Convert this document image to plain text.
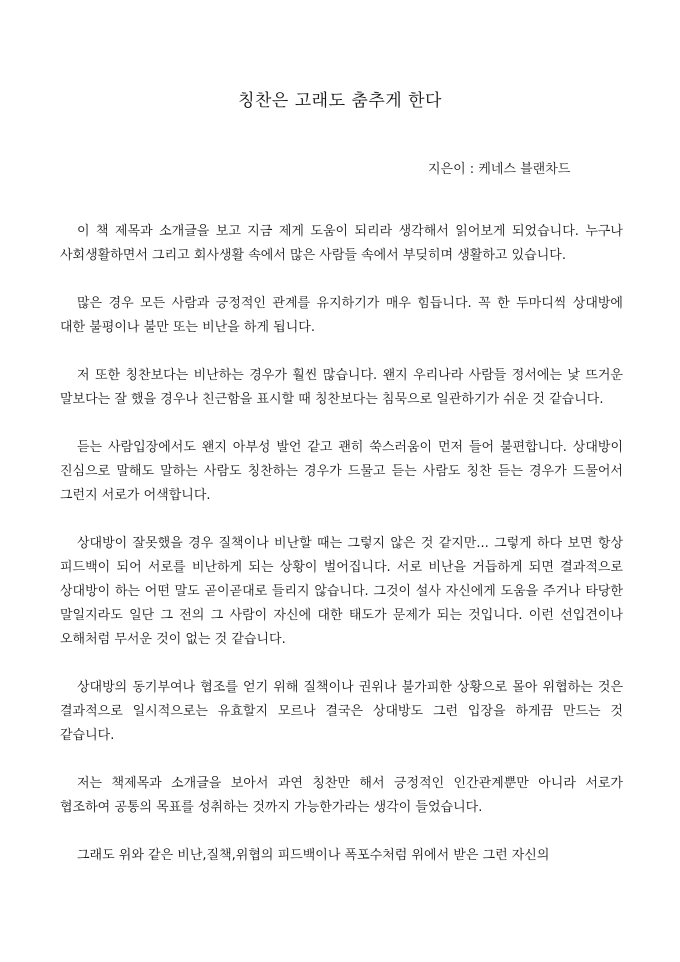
칭찬은 고래도 춤추게 한다
지은이 : 케네스 블랜차드

이 책 제목과 소개글을 보고 지금 제게 도움이 되리라 생각해서 읽어보게 되었습니다. 누구나 사회생활하면서 그리고 회사생활 속에서 많은 사람들 속에서 부딪히며 생활하고 있습니다.

많은 경우 모든 사람과 긍정적인 관계를 유지하기가 매우 힘듭니다. 꼭 한 두마디씩 상대방에 대한 불평이나 불만 또는 비난을 하게 됩니다.

저 또한 칭찬보다는 비난하는 경우가 훨씬 많습니다. 왠지 우리나라 사람들 정서에는 낯 뜨거운 말보다는 잘 했을 경우나 친근함을 표시할 때 칭찬보다는 침묵으로 일관하기가 쉬운 것 같습니다.

듣는 사람입장에서도 왠지 아부성 발언 같고 괜히 쑥스러움이 먼저 들어 불편합니다. 상대방이 진심으로 말해도 말하는 사람도 칭찬하는 경우가 드물고 듣는 사람도 칭찬 듣는 경우가 드물어서 그런지 서로가 어색합니다.

상대방이 잘못했을 경우 질책이나 비난할 때는 그렇지 않은 것 같지만... 그렇게 하다 보면 항상 피드백이 되어 서로를 비난하게 되는 상황이 벌어집니다. 서로 비난을 거듭하게 되면 결과적으로 상대방이 하는 어떤 말도 곧이곧대로 들리지 않습니다. 그것이 설사 자신에게 도움을 주거나 타당한 말일지라도 일단 그 전의 그 사람이 자신에 대한 태도가 문제가 되는 것입니다. 이런 선입견이나 오해처럼 무서운 것이 없는 것 같습니다.

상대방의 동기부여나 협조를 얻기 위해 질책이나 권위나 불가피한 상황으로 몰아 위협하는 것은 결과적으로 일시적으로는 유효할지 모르나 결국은 상대방도 그런 입장을 하게끔 만드는 것 같습니다.

저는 책제목과 소개글을 보아서 과연 칭찬만 해서 긍정적인 인간관계뿐만 아니라 서로가 협조하여 공통의 목표를 성취하는 것까지 가능한가라는 생각이 들었습니다.

그래도 위와 같은 비난,질책,위협의 피드백이나 폭포수처럼 위에서 받은 그런 자신의
